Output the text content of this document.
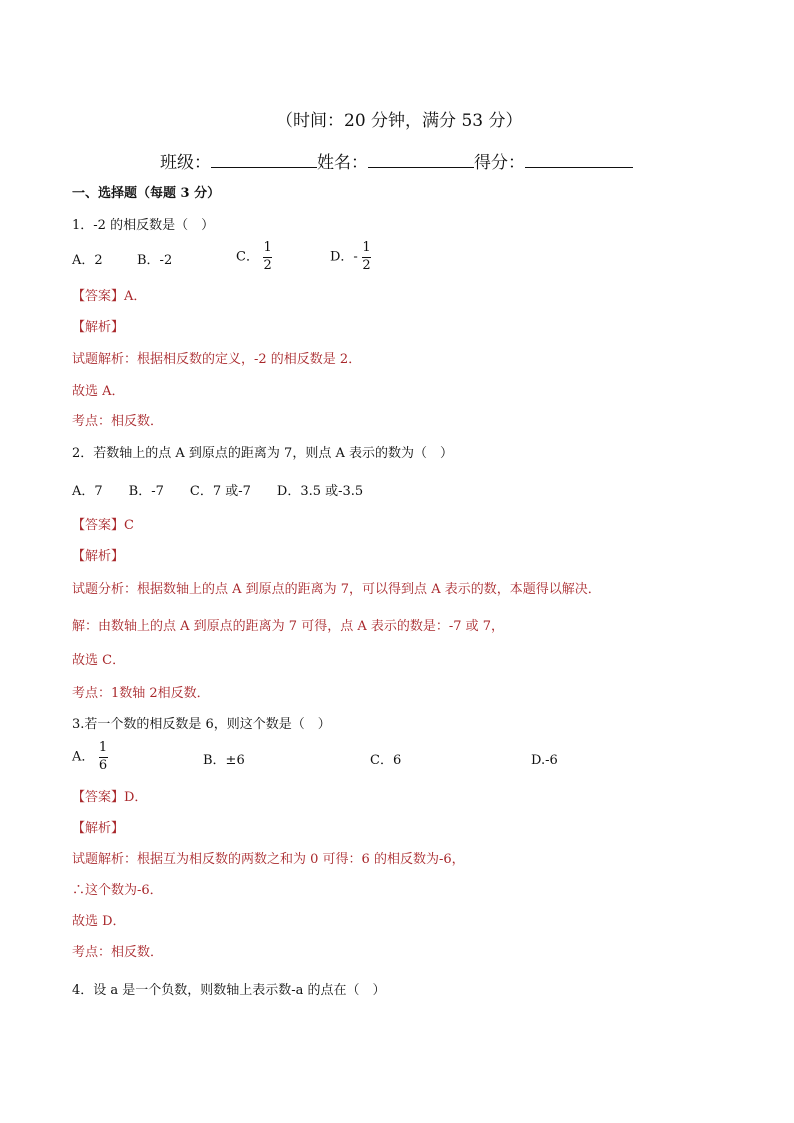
（时间：20 分钟，满分 53 分）
班级：	姓名：	得分：
一、选择题（每题 3 分）
1．-2 的相反数是（　）
A．2	B．-2	C． $\frac{1}{2}$	D．- $\frac{1}{2}$
【答案】A．
【解析】
试题解析：根据相反数的定义，-2 的相反数是 2．
故选 A．
考点：相反数．
2．若数轴上的点 A 到原点的距离为 7，则点 A 表示的数为（　）
A．7　　B．-7　　C．7 或-7　　D．3.5 或-3.5
【答案】C
【解析】
试题分析：根据数轴上的点 A 到原点的距离为 7，可以得到点 A 表示的数，本题得以解决．
解：由数轴上的点 A 到原点的距离为 7 可得，点 A 表示的数是：-7 或 7，
故选 C．
考点：1数轴 2相反数．
3.若一个数的相反数是 6，则这个数是（　）
A． $\frac{1}{6}$	B．±6	C．6	D.-6
【答案】D．
【解析】
试题解析：根据互为相反数的两数之和为 0 可得：6 的相反数为-6，
∴这个数为-6．
故选 D．
考点：相反数．
4．设 a 是一个负数，则数轴上表示数-a 的点在（　）
